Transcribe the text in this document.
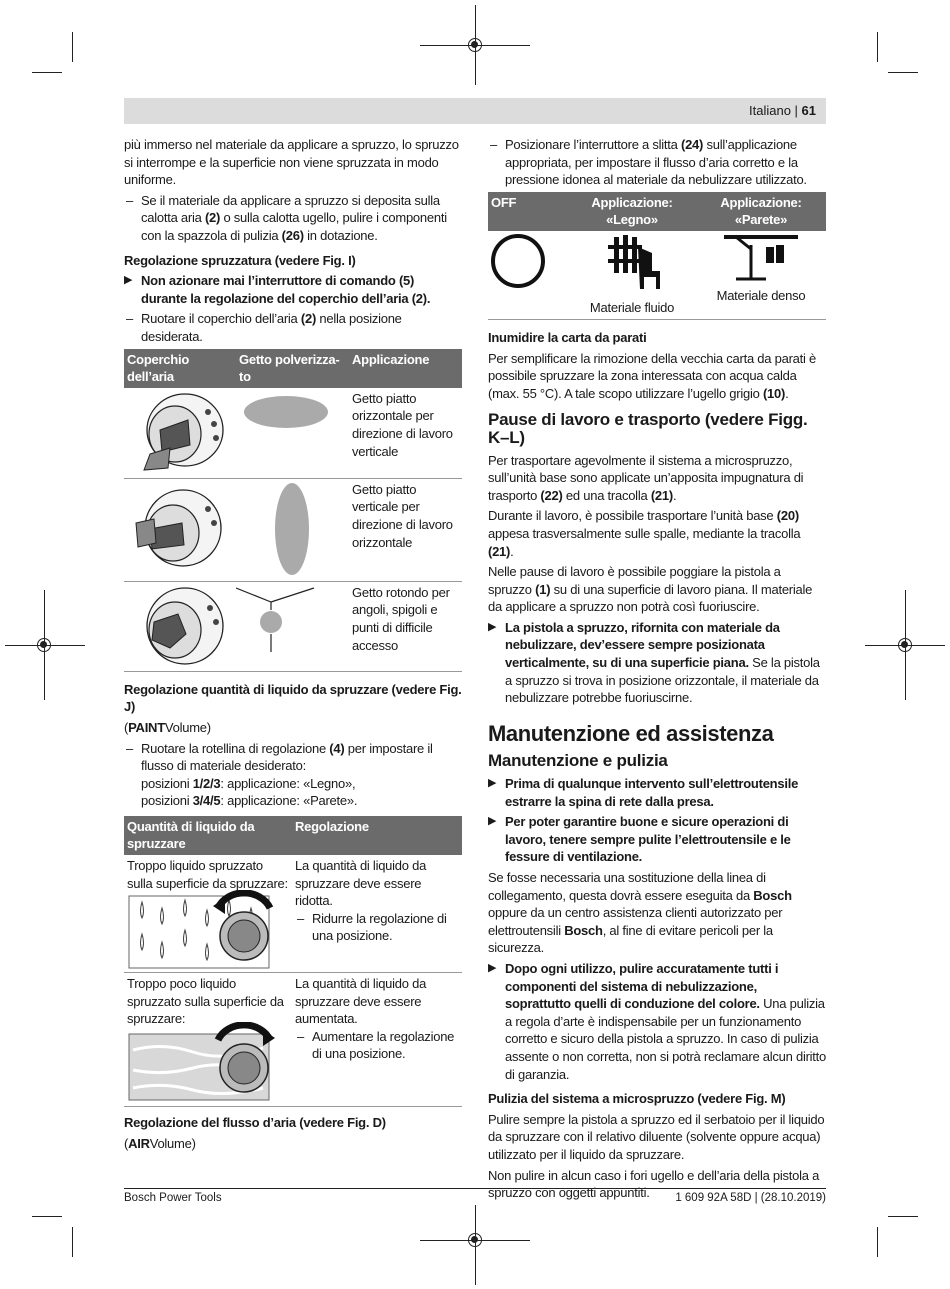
Italiano | 61

più immerso nel materiale da applicare a spruzzo, lo spruzzo si interrompe e la superficie non viene spruzzata in modo uniforme.

– Se il materiale da applicare a spruzzo si deposita sulla calotta aria (2) o sulla calotta ugello, pulire i componenti con la spazzola di pulizia (26) in dotazione.
Regolazione spruzzatura (vedere Fig. I)
▶ Non azionare mai l’interruttore di comando (5) durante la regolazione del coperchio dell’aria (2).
– Ruotare il coperchio dell’aria (2) nella posizione desiderata.
Coperchio dell’aria
Getto polverizzato
Applicazione
Getto piatto orizzontale per direzione di lavoro verticale
Getto piatto verticale per direzione di lavoro orizzontale
Getto rotondo per angoli, spigoli e punti di difficile accesso
Regolazione quantità di liquido da spruzzare (vedere Fig. J)

(PAINTVolume)

– Ruotare la rotellina di regolazione (4) per impostare il flusso di materiale desiderato:
posizioni 1/2/3: applicazione: «Legno»,
posizioni 3/4/5: applicazione: «Parete».
Quantità di liquido da spruzzare
Regolazione
Troppo liquido spruzzato sulla superficie da spruzzare:
La quantità di liquido da spruzzare deve essere ridotta.
– Ridurre la regolazione di una posizione.
Troppo poco liquido spruzzato sulla superficie da spruzzare:
La quantità di liquido da spruzzare deve essere aumentata.
– Aumentare la regolazione di una posizione.
Regolazione del flusso d’aria (vedere Fig. D)

(AIRVolume)

– Posizionare l’interruttore a slitta (24) sull’applicazione appropriata, per impostare il flusso d’aria corretto e la pressione idonea al materiale da nebulizzare utilizzato.
OFF	Applicazione: «Legno»
Applicazione: «Parete»
Materiale fluido
Materiale denso
Inumidire la carta da parati

Per semplificare la rimozione della vecchia carta da parati è possibile spruzzare la zona interessata con acqua calda (max. 55 °C). A tale scopo utilizzare l’ugello grigio (10).

Pause di lavoro e trasporto (vedere Figg. K–L)

Per trasportare agevolmente il sistema a microspruzzo, sull’unità base sono applicate un’apposita impugnatura di trasporto (22) ed una tracolla (21).

Durante il lavoro, è possibile trasportare l’unità base (20) appesa trasversalmente sulle spalle, mediante la tracolla (21).

Nelle pause di lavoro è possibile poggiare la pistola a spruzzo (1) su di una superficie di lavoro piana. Il materiale da applicare a spruzzo non potrà così fuoriuscire.

▶ La pistola a spruzzo, rifornita con materiale da nebulizzare, dev’essere sempre posizionata verticalmente, su di una superficie piana. Se la pistola a spruzzo si trova in posizione orizzontale, il materiale da nebulizzare potrebbe fuoriuscirne.
Manutenzione ed assistenza
Manutenzione e pulizia
▶ Prima di qualunque intervento sull’elettroutensile estrarre la spina di rete dalla presa.
▶ Per poter garantire buone e sicure operazioni di lavoro, tenere sempre pulite l’elettroutensile e le fessure di ventilazione.

Se fosse necessaria una sostituzione della linea di collegamento, questa dovrà essere eseguita da Bosch oppure da un centro assistenza clienti autorizzato per elettroutensili Bosch, al fine di evitare pericoli per la sicurezza.

▶ Dopo ogni utilizzo, pulire accuratamente tutti i componenti del sistema di nebulizzazione, soprattutto quelli di conduzione del colore. Una pulizia a regola d’arte è indispensabile per un funzionamento corretto e sicuro della pistola a spruzzo. In caso di pulizia assente o non corretta, non si potrà reclamare alcun diritto di garanzia.
Pulizia del sistema a microspruzzo (vedere Fig. M)

Pulire sempre la pistola a spruzzo ed il serbatoio per il liquido da spruzzare con il relativo diluente (solvente oppure acqua) utilizzato per il liquido da spruzzare.

Non pulire in alcun caso i fori ugello e dell’aria della pistola a spruzzo con oggetti appuntiti.

Bosch Power Tools	1 609 92A 58D | (28.10.2019)
